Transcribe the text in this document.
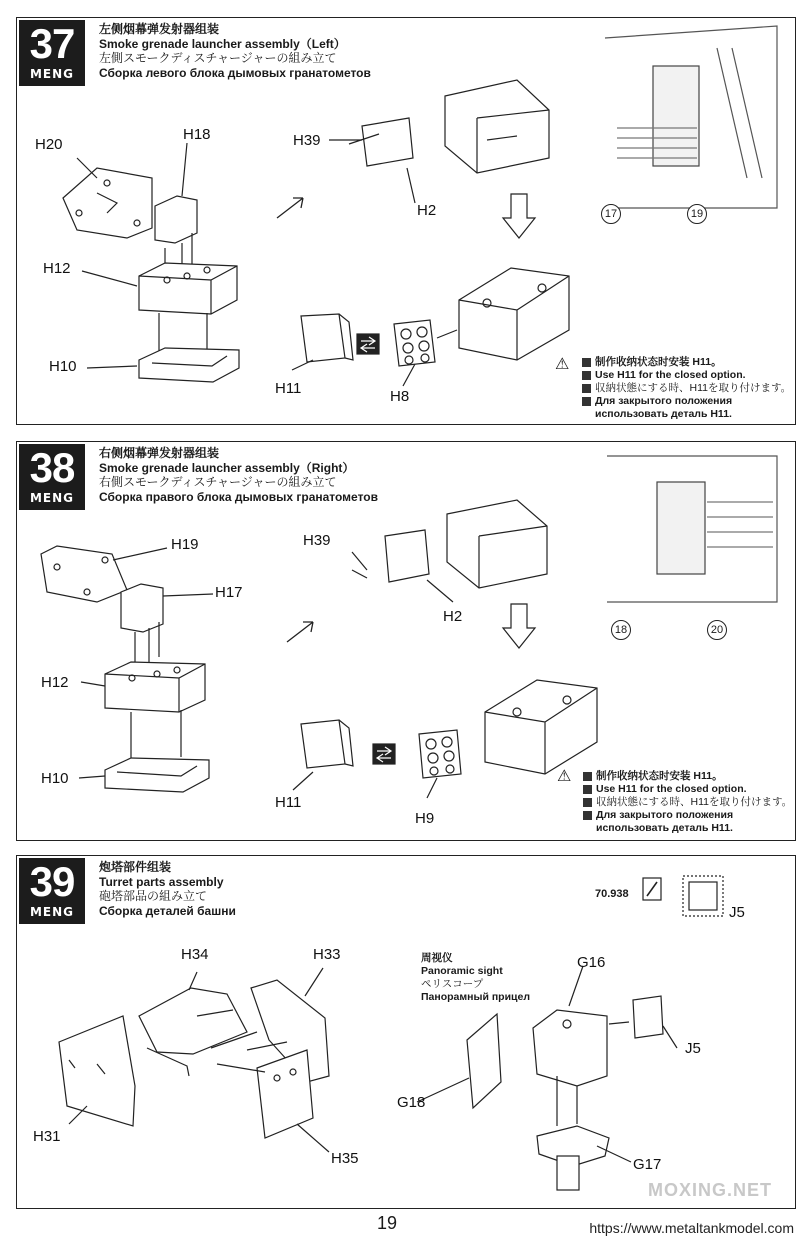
37
MENG
左侧烟幕弹发射器组装
Smoke grenade launcher assembly（Left）
左側スモークディスチャージャーの組み立て
Сборка левого блока дымовых гранатометов
H20
H18	H39
H2
H12
H10
H11	H8
17	19
⚠ 制作收纳状态时安装 H11。
Use H11 for the closed option.
収納状態にする時、H11を取り付けます。
Для закрытого положения
использовать деталь H11.
38
MENG
右侧烟幕弹发射器组装
Smoke grenade launcher assembly（Right）
右側スモークディスチャージャーの組み立て
Сборка правого блока дымовых гранатометов
H19
H17
H39
H2
H12
H10
H11
H9
18	20
⚠ 制作收纳状态时安装 H11。
Use H11 for the closed option.
収納状態にする時、H11を取り付けます。
Для закрытого положения
использовать деталь H11.
39
MENG
炮塔部件组装
Turret parts assembly
砲塔部品の組み立て
Сборка деталей башни
70.938
J5
H34	H33
H31
H35
G16
J5
G18
G17
周视仪
Panoramic sight
ペリスコープ
Панорамный прицел
MOXING.NET
19	https://www.metaltankmodel.com
